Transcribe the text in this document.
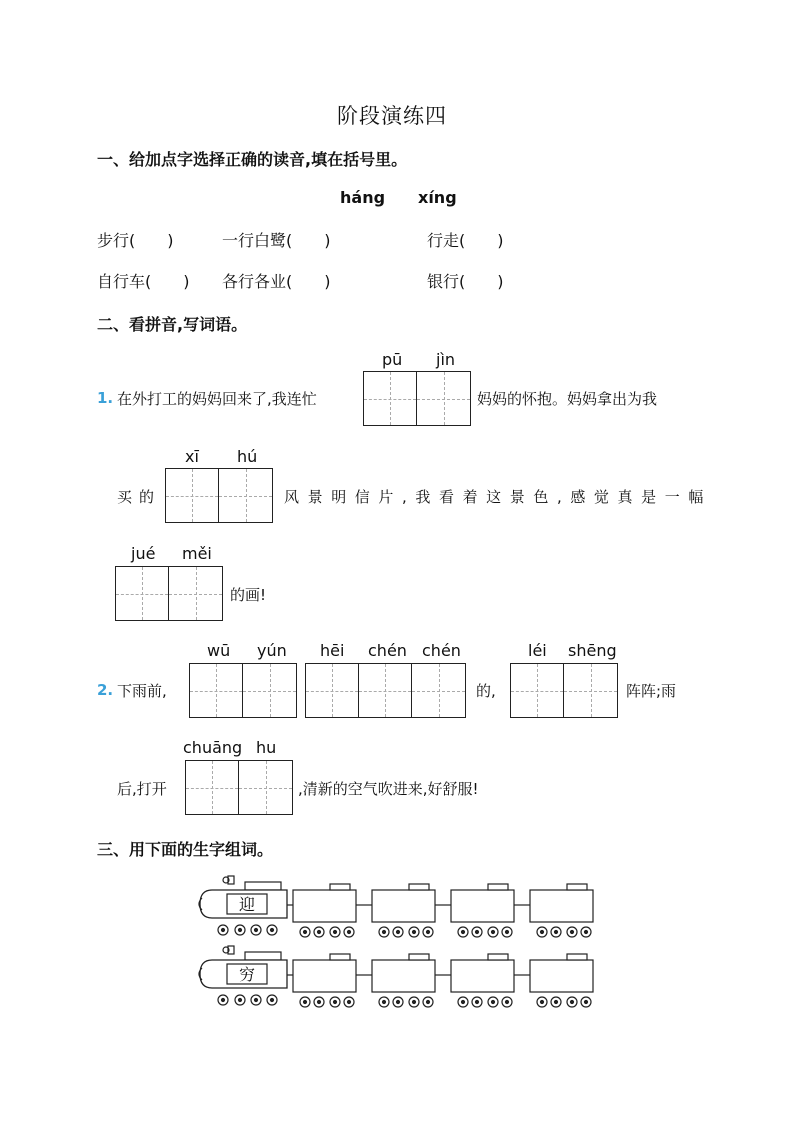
阶段演练四
一、给加点字选择正确的读音,填在括号里。
háng xíng
步行(　　)	一行白鹭(　　)	行走(　　)
自行车(　　) 各行各业(　　)	银行(　　)
二、看拼音,写词语。
pū jìn
1. 在外打工的妈妈回来了,我连忙	妈妈的怀抱。妈妈拿出为我
xī hú
买的	风景明信片,我看着这景色,感觉真是一幅
jué měi
的画!
wū yún hēi chén chén	léi shēng
2. 下雨前,	的,	阵阵;雨
chuāng hu
后,打开	,清新的空气吹进来,好舒服!
三、用下面的生字组词。
迎
穷
